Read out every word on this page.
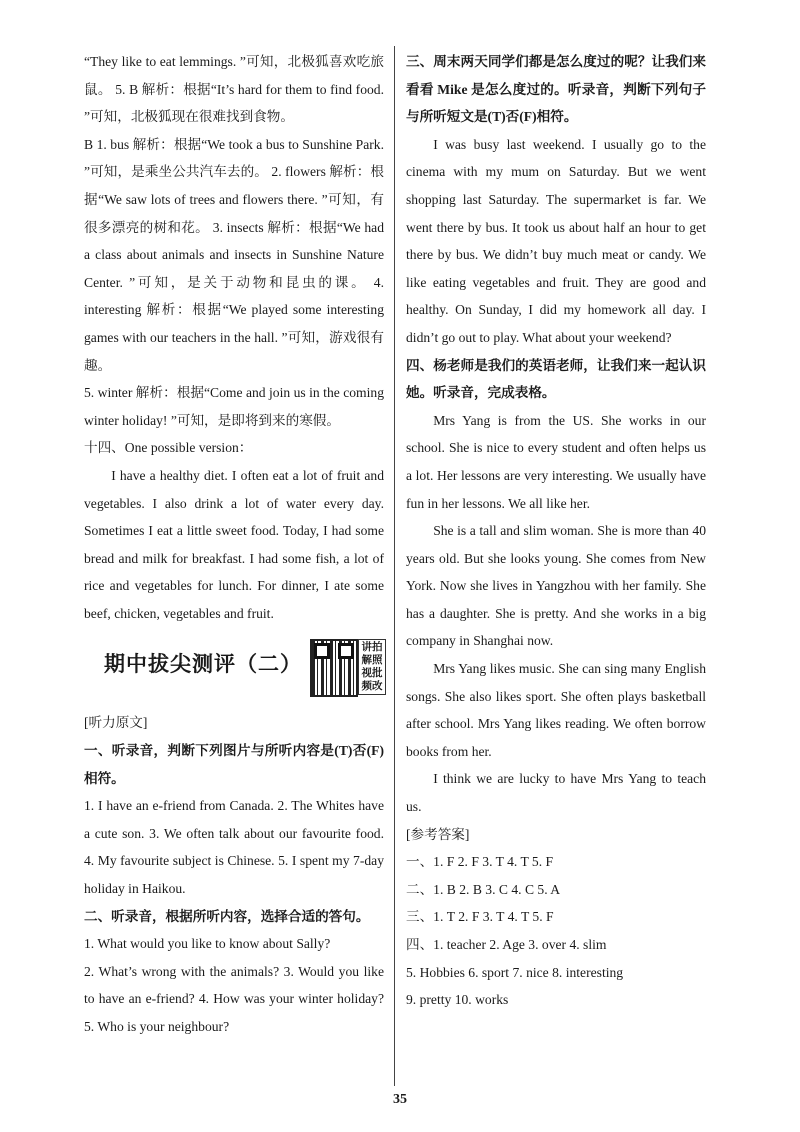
“They like to eat lemmings. ”可知，北极狐喜欢吃旅鼠。 5. B 解析：根据“It’s hard for them to find food. ”可知，北极狐现在很难找到食物。

B 1. bus 解析：根据“We took a bus to Sunshine Park. ”可知，是乘坐公共汽车去的。 2. flowers 解析：根据“We saw lots of trees and flowers there. ”可知，有很多漂亮的树和花。 3. insects 解析：根据“We had a class about animals and insects in Sunshine Nature Center. ”可知，是关于动物和昆虫的课。 4. interesting 解析：根据“We played some interesting games with our teachers in the hall. ”可知，游戏很有趣。

5. winter 解析：根据“Come and join us in the coming winter holiday! ”可知，是即将到来的寒假。

十四、One possible version：

I have a healthy diet. I often eat a lot of fruit and vegetables. I also drink a lot of water every day. Sometimes I eat a little sweet food. Today, I had some bread and milk for breakfast. I had some fish, a lot of rice and vegetables for lunch. For dinner, I ate some beef, chicken, vegetables and fruit.

期中拔尖测评（二）
讲拍解照视批频改

[听力原文]

一、听录音，判断下列图片与所听内容是(T)否(F)相符。

1. I have an e-friend from Canada. 2. The Whites have a cute son. 3. We often talk about our favourite food. 4. My favourite subject is Chinese. 5. I spent my 7-day holiday in Haikou.

二、听录音，根据所听内容，选择合适的答句。

1. What would you like to know about Sally?

2. What’s wrong with the animals? 3. Would you like to have an e-friend? 4. How was your winter holiday? 5. Who is your neighbour?

三、周末两天同学们都是怎么度过的呢？让我们来看看 Mike 是怎么度过的。听录音，判断下列句子与所听短文是(T)否(F)相符。

I was busy last weekend. I usually go to the cinema with my mum on Saturday. But we went shopping last Saturday. The supermarket is far. We went there by bus. It took us about half an hour to get there by bus. We didn’t buy much meat or candy. We like eating vegetables and fruit. They are good and healthy. On Sunday, I did my homework all day. I didn’t go out to play. What about your weekend?

四、杨老师是我们的英语老师，让我们来一起认识她。听录音，完成表格。

Mrs Yang is from the US. She works in our school. She is nice to every student and often helps us a lot. Her lessons are very interesting. We usually have fun in her lessons. We all like her.

She is a tall and slim woman. She is more than 40 years old. But she looks young. She comes from New York. Now she lives in Yangzhou with her family. She has a daughter. She is pretty. And she works in a big company in Shanghai now.

Mrs Yang likes music. She can sing many English songs. She also likes sport. She often plays basketball after school. Mrs Yang likes reading. We often borrow books from her.

I think we are lucky to have Mrs Yang to teach us.

[参考答案]

一、1. F 2. F 3. T 4. T 5. F

二、1. B 2. B 3. C 4. C 5. A

三、1. T 2. F 3. T 4. T 5. F

四、1. teacher 2. Age 3. over 4. slim

5. Hobbies 6. sport 7. nice 8. interesting

9. pretty 10. works

35
